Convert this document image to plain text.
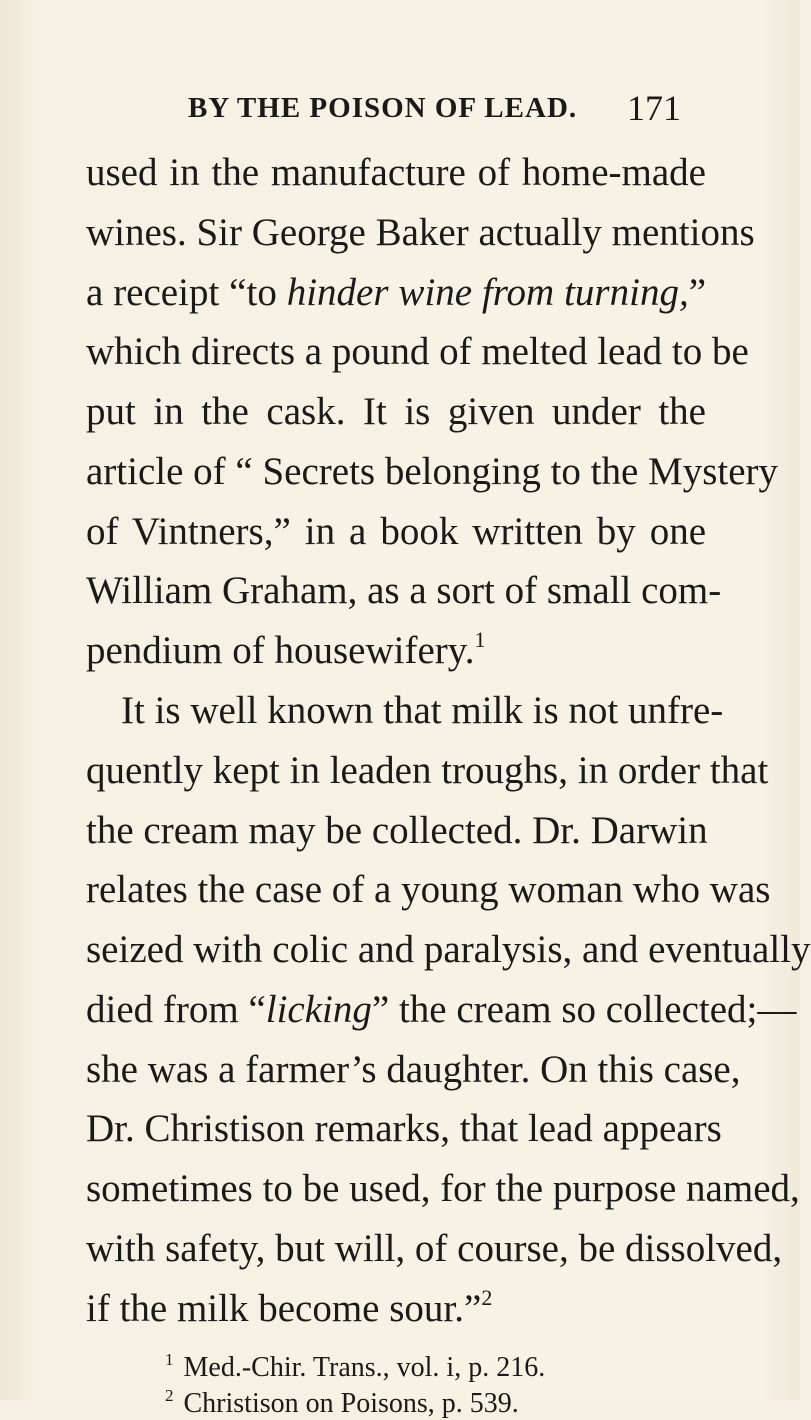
BY THE POISON OF LEAD. 171
used in the manufacture of home-made
wines. Sir George Baker actually mentions
a receipt “to hinder wine from turning,”
which directs a pound of melted lead to be
put in the cask. It is given under the
article of “ Secrets belonging to the Mystery
of Vintners,” in a book written by one
William Graham, as a sort of small com-
pendium of housewifery.$^1$
It is well known that milk is not unfre-
quently kept in leaden troughs, in order that
the cream may be collected. Dr. Darwin
relates the case of a young woman who was
seized with colic and paralysis, and eventually
died from “licking” the cream so collected;—
she was a farmer’s daughter. On this case,
Dr. Christison remarks, that lead appears
sometimes to be used, for the purpose named,
with safety, but will, of course, be dissolved,
if the milk become sour.”$^2$
$^1$ Med.-Chir. Trans., vol. i, p. 216.
$^2$ Christison on Poisons, p. 539.
